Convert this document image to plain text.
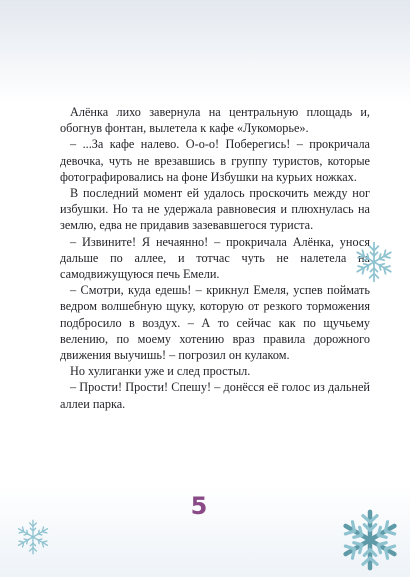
Алёнка лихо завернула на центральную площадь и, обогнув фонтан, вылетела к кафе «Лукоморье».

– ...За кафе налево. О-о-о! Поберегись! – прокричала девочка, чуть не врезавшись в группу туристов, которые фотографировались на фоне Избушки на курьих ножках.

В последний момент ей удалось проскочить между ног избушки. Но та не удержала равновесия и плюхнулась на землю, едва не придавив зазевавшегося туриста.

– Извините! Я нечаянно! – прокричала Алёнка, унося дальше по аллее, и тотчас чуть не налетела на самодвижущуюся печь Емели.

– Смотри, куда едешь! – крикнул Емеля, успев поймать ведром волшебную щуку, которую от резкого торможения подбросило в воздух. – А то сейчас как по щучьему велению, по моему хотению враз правила дорожного движения выучишь! – погрозил он кулаком.

Но хулиганки уже и след простыл.

– Прости! Прости! Спешу! – донёсся её голос из дальней аллеи парка.

5
